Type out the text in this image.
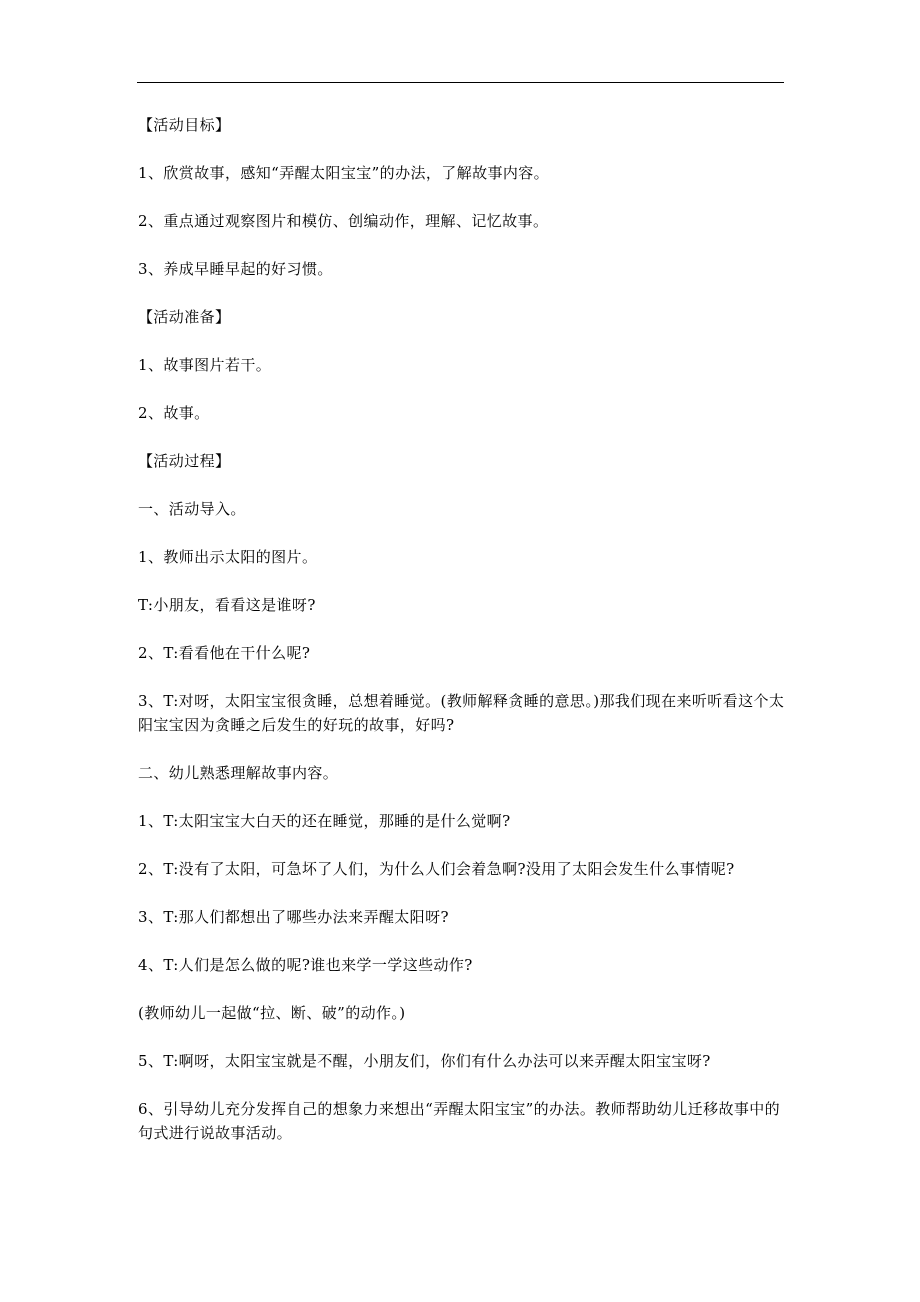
【活动目标】

1、欣赏故事，感知“弄醒太阳宝宝”的办法，了解故事内容。

2、重点通过观察图片和模仿、创编动作，理解、记忆故事。

3、养成早睡早起的好习惯。

【活动准备】

1、故事图片若干。

2、故事。

【活动过程】

一、活动导入。

1、教师出示太阳的图片。

T:小朋友，看看这是谁呀?

2、T:看看他在干什么呢?

3、T:对呀，太阳宝宝很贪睡，总想着睡觉。(教师解释贪睡的意思。)那我们现在来听听看这个太阳宝宝因为贪睡之后发生的好玩的故事，好吗?

二、幼儿熟悉理解故事内容。

1、T:太阳宝宝大白天的还在睡觉，那睡的是什么觉啊?

2、T:没有了太阳，可急坏了人们，为什么人们会着急啊?没用了太阳会发生什么事情呢?

3、T:那人们都想出了哪些办法来弄醒太阳呀?

4、T:人们是怎么做的呢?谁也来学一学这些动作?

(教师幼儿一起做“拉、断、破”的动作。)

5、T:啊呀，太阳宝宝就是不醒，小朋友们，你们有什么办法可以来弄醒太阳宝宝呀?

6、引导幼儿充分发挥自己的想象力来想出“弄醒太阳宝宝”的办法。教师帮助幼儿迁移故事中的句式进行说故事活动。
